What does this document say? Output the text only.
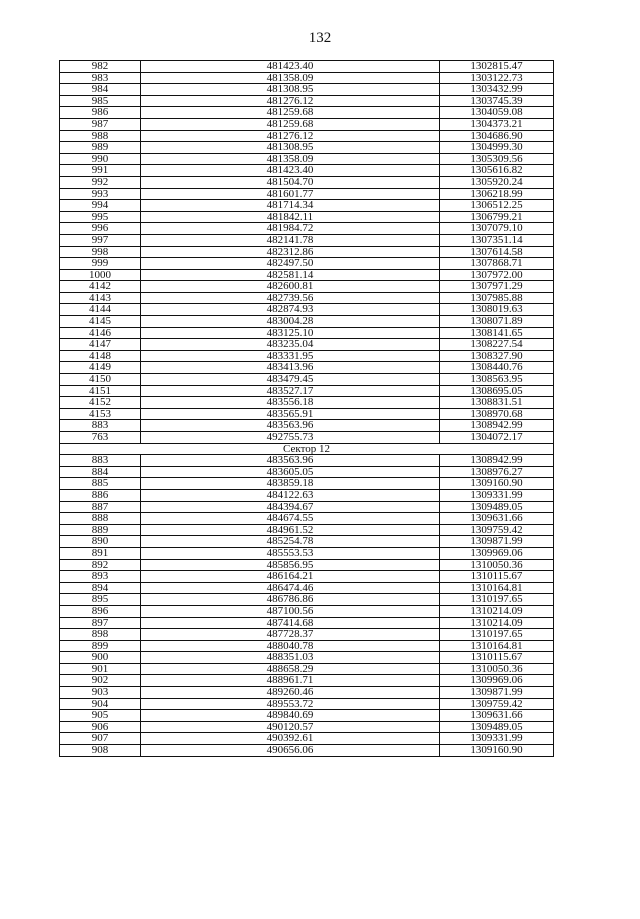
132
982	481423.40	1302815.47
983	481358.09	1303122.73
984	481308.95	1303432.99
985	481276.12	1303745.39
986	481259.68	1304059.08
987	481259.68	1304373.21
988	481276.12	1304686.90
989	481308.95	1304999.30
990	481358.09	1305309.56
991	481423.40	1305616.82
992	481504.70	1305920.24
993	481601.77	1306218.99
994	481714.34	1306512.25
995	481842.11	1306799.21
996	481984.72	1307079.10
997	482141.78	1307351.14
998	482312.86	1307614.58
999	482497.50	1307868.71
1000	482581.14	1307972.00
4142	482600.81	1307971.29
4143	482739.56	1307985.88
4144	482874.93	1308019.63
4145	483004.28	1308071.89
4146	483125.10	1308141.65
4147	483235.04	1308227.54
4148	483331.95	1308327.90
4149	483413.96	1308440.76
4150	483479.45	1308563.95
4151	483527.17	1308695.05
4152	483556.18	1308831.51
4153	483565.91	1308970.68
883	483563.96	1308942.99
763	492755.73	1304072.17
Сектор 12		
883	483563.96	1308942.99
884	483605.05	1308976.27
885	483859.18	1309160.90
886	484122.63	1309331.99
887	484394.67	1309489.05
888	484674.55	1309631.66
889	484961.52	1309759.42
890	485254.78	1309871.99
891	485553.53	1309969.06
892	485856.95	1310050.36
893	486164.21	1310115.67
894	486474.46	1310164.81
895	486786.86	1310197.65
896	487100.56	1310214.09
897	487414.68	1310214.09
898	487728.37	1310197.65
899	488040.78	1310164.81
900	488351.03	1310115.67
901	488658.29	1310050.36
902	488961.71	1309969.06
903	489260.46	1309871.99
904	489553.72	1309759.42
905	489840.69	1309631.66
906	490120.57	1309489.05
907	490392.61	1309331.99
908	490656.06	1309160.90
